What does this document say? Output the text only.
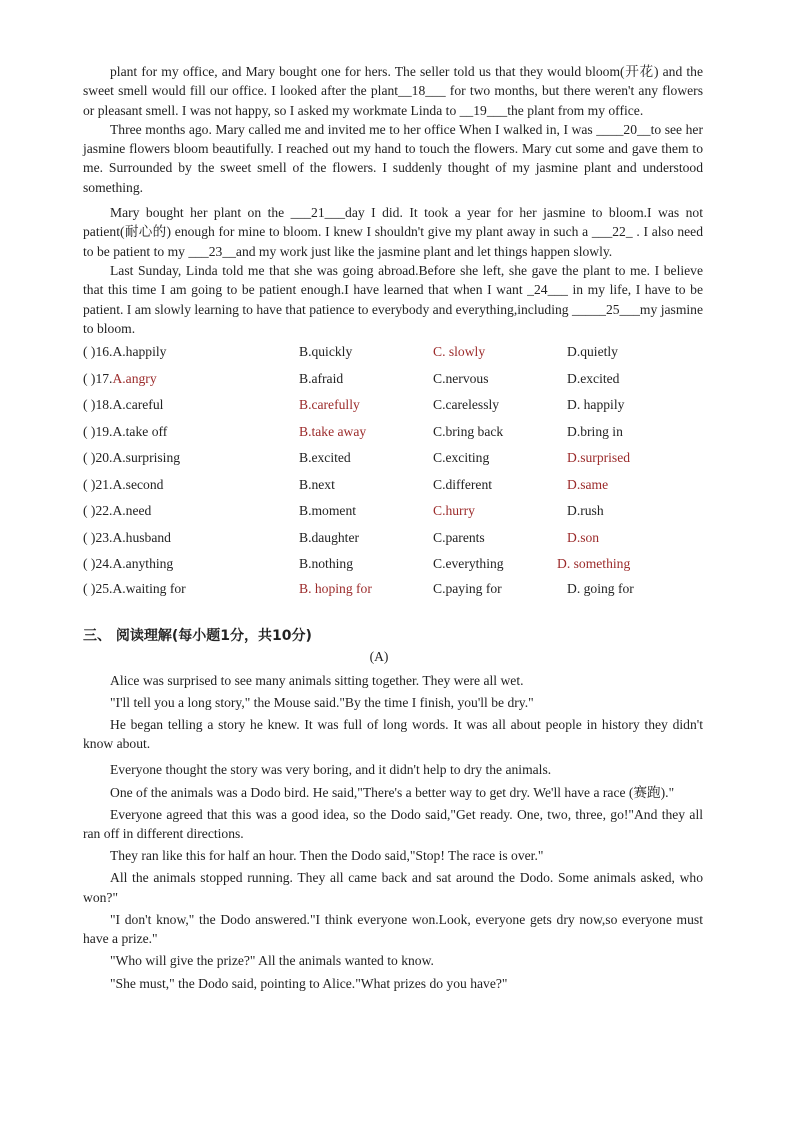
plant for my office, and Mary bought one for hers. The seller told us that they would bloom(开花) and the sweet smell would fill our office. I looked after the plant__18___ for two months, but there weren't any flowers or pleasant smell. I was not happy, so I asked my workmate Linda to __19___the plant from my office.

Three months ago. Mary called me and invited me to her office When I walked in, I was ____20__to see her jasmine flowers bloom beautifully. I reached out my hand to touch the flowers. Mary cut some and gave them to me. Surrounded by the sweet smell of the flowers. I suddenly thought of my jasmine plant and understood something.

Mary bought her plant on the ___21___day I did. It took a year for her jasmine to bloom.I was not patient(耐心的) enough for mine to bloom. I knew I shouldn't give my plant away in such a ___22_ . I also need to be patient to my ___23__and my work just like the jasmine plant and let things happen slowly.

Last Sunday, Linda told me that she was going abroad.Before she left, she gave the plant to me. I believe that this time I am going to be patient enough.I have learned that when I want _24___ in my life, I have to be patient. I am slowly learning to have that patience to everybody and everything,including _____25___my jasmine to bloom.

( )16.A.happily	B.quickly	C. slowly	D.quietly
( )17.A.angry	B.afraid	C.nervous	D.excited
( )18.A.careful	B.carefully	C.carelessly	D. happily
( )19.A.take off	B.take away	C.bring back	D.bring in
( )20.A.surprising	B.excited	C.exciting	D.surprised
( )21.A.second	B.next	C.different	D.same
( )22.A.need	B.moment	C.hurry	D.rush
( )23.A.husband	B.daughter	C.parents	D.son
( )24.A.anything	B.nothing	C.everything	D. something
( )25.A.waiting for	B. hoping for	C.paying for	D. going for
三、 阅读理解(每小题1分，共10分)
(A)

Alice was surprised to see many animals sitting together. They were all wet.

"I'll tell you a long story," the Mouse said."By the time I finish, you'll be dry."

He began telling a story he knew. It was full of long words. It was all about people in history they didn't know about.

Everyone thought the story was very boring, and it didn't help to dry the animals.

One of the animals was a Dodo bird. He said,"There's a better way to get dry. We'll have a race (赛跑)."

Everyone agreed that this was a good idea, so the Dodo said,"Get ready. One, two, three, go!"And they all ran off in different directions.

They ran like this for half an hour. Then the Dodo said,"Stop! The race is over."

All the animals stopped running. They all came back and sat around the Dodo. Some animals asked, who won?"

"I don't know," the Dodo answered."I think everyone won.Look, everyone gets dry now,so everyone must have a prize."

"Who will give the prize?" All the animals wanted to know.

"She must," the Dodo said, pointing to Alice."What prizes do you have?"
